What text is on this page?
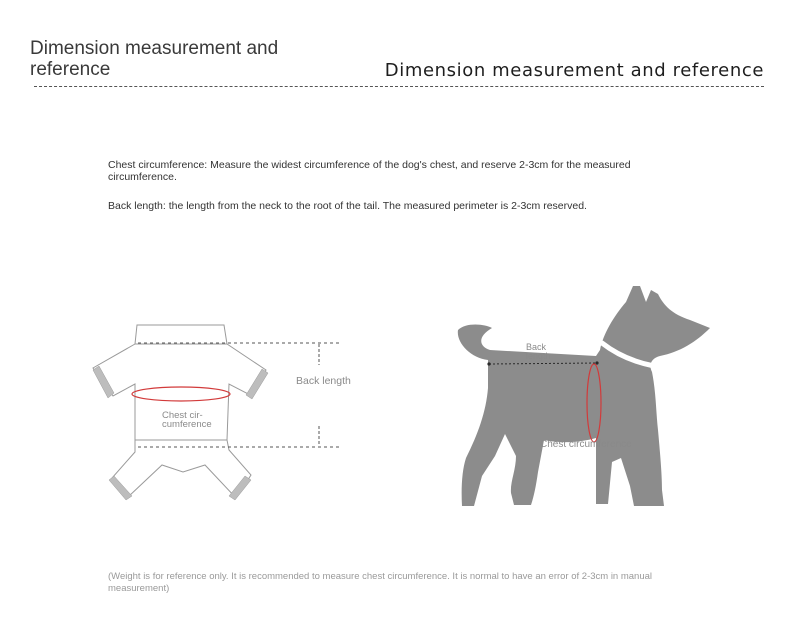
Dimension measurement and reference	Dimension measurement and reference

Chest circumference: Measure the widest circumference of the dog's chest, and reserve 2-3cm for the measured circumference.

Back length: the length from the neck to the root of the tail. The measured perimeter is 2-3cm reserved.

Back length
Chest cir-
cumference
Back
length
Chest circumference

(Weight is for reference only. It is recommended to measure chest circumference. It is normal to have an error of 2-3cm in manual measurement)
